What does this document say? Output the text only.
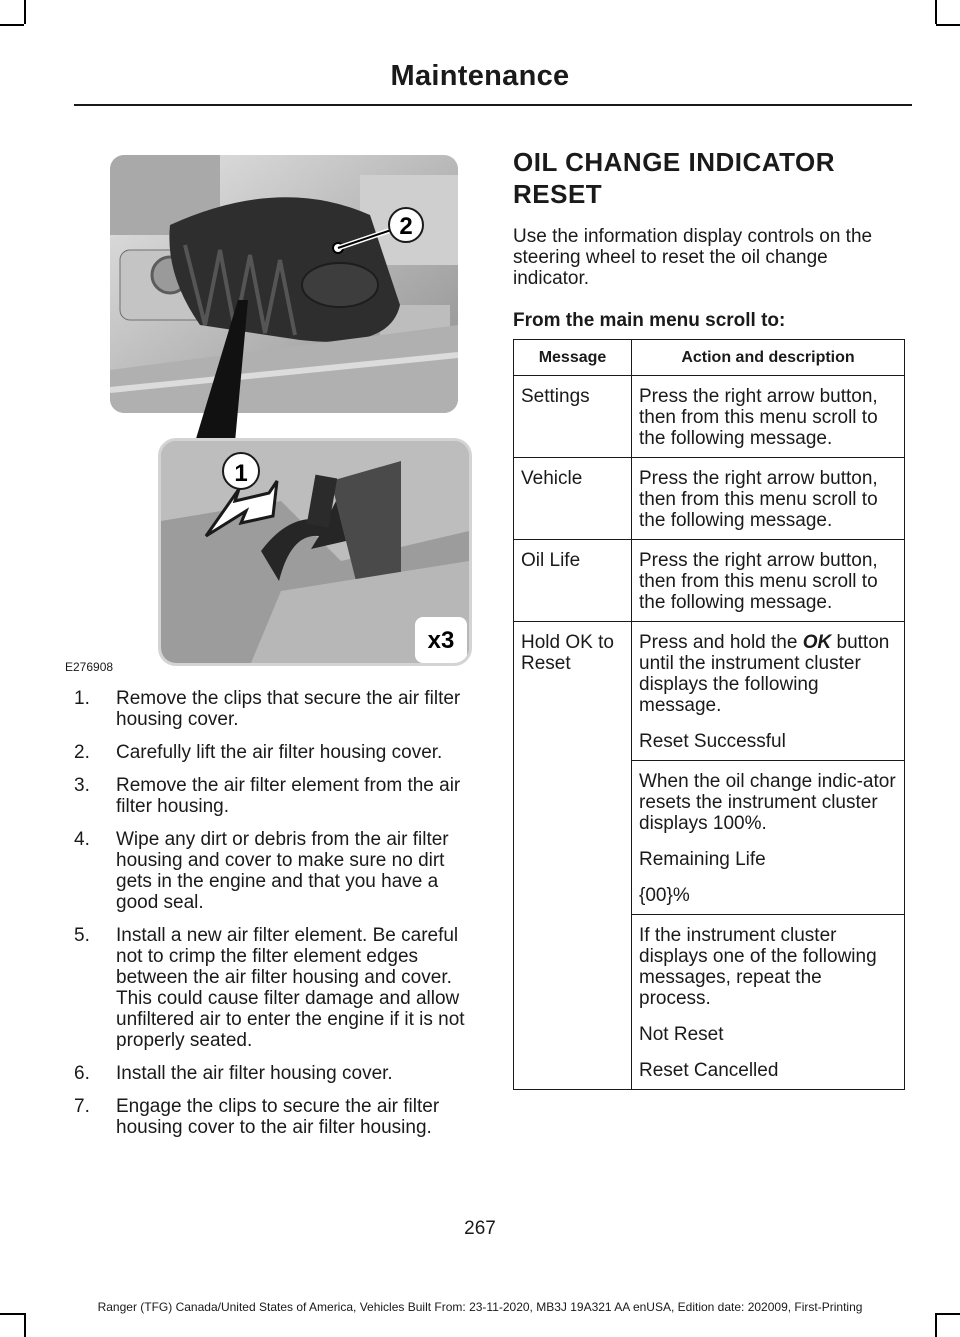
Maintenance
2
1
x3
E276908
1. Remove the clips that secure the air filter housing cover.
2. Carefully lift the air filter housing cover.
3. Remove the air filter element from the air filter housing.
4. Wipe any dirt or debris from the air filter housing and cover to make sure no dirt gets in the engine and that you have a good seal.
5. Install a new air filter element. Be careful not to crimp the filter element edges between the air filter housing and cover. This could cause filter damage and allow unfiltered air to enter the engine if it is not properly seated.
6. Install the air filter housing cover.
7. Engage the clips to secure the air filter housing cover to the air filter housing.
OIL CHANGE INDICATOR
RESET
Use the information display controls on the steering wheel to reset the oil change indicator.
From the main menu scroll to:
Message	Action and description
Settings	Press the right arrow button, then from this menu scroll to the following message.
Vehicle	Press the right arrow button, then from this menu scroll to the following message.
Oil Life	Press the right arrow button, then from this menu scroll to the following message.
Hold OK to Reset	Press and hold the OK button until the instrument cluster displays the following message.

Reset Successful

	When the oil change indic-ator resets the instrument cluster displays 100%.

Remaining Life

{00}%

	If the instrument cluster displays one of the following messages, repeat the process.

Not Reset

Reset Cancelled

267
Ranger (TFG) Canada/United States of America, Vehicles Built From: 23-11-2020, MB3J 19A321 AA enUSA, Edition date: 202009, First-Printing
